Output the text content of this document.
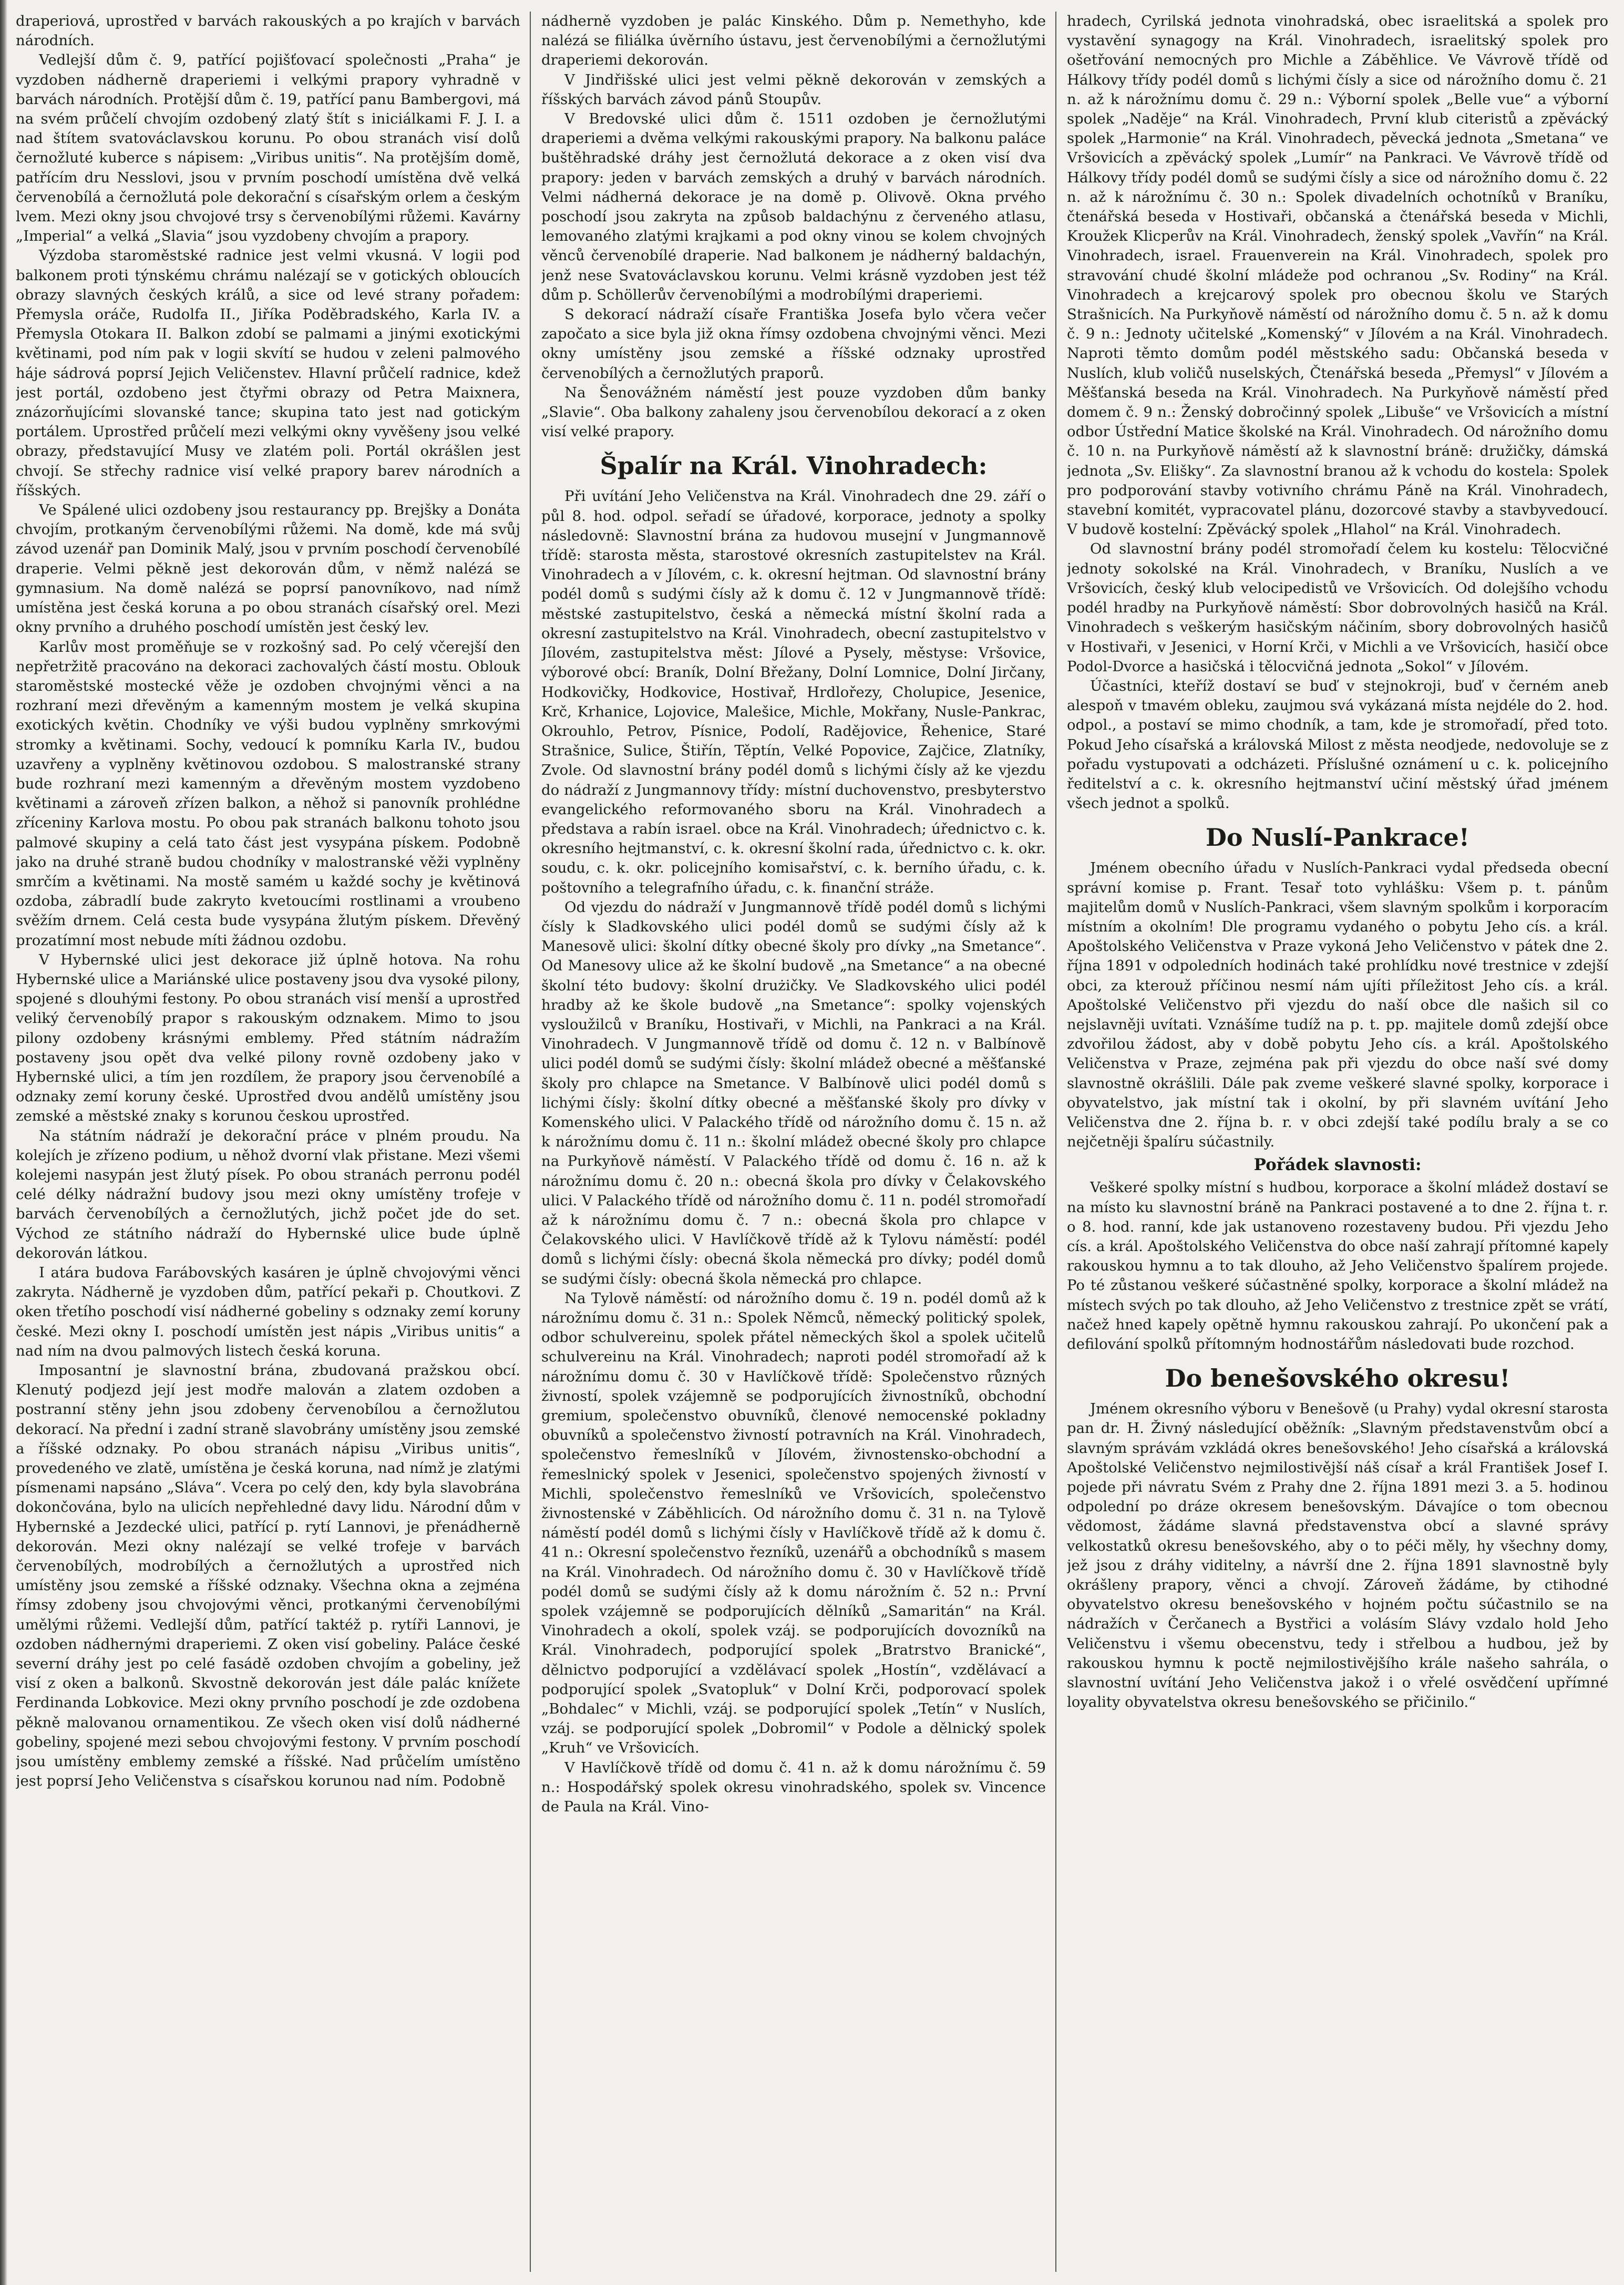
draperiová, uprostřed v barvách rakouských a po krajích v barvách národních.

Vedlejší dům č. 9, patřící pojišťovací společnosti „Praha“ je vyzdoben nádherně draperiemi i velkými prapory vyhradně v barvách národních. Protější dům č. 19, patřící panu Bambergovi, má na svém průčelí chvojím ozdobený zlatý štít s iniciálkami F. J. I. a nad štítem svatováclavskou korunu. Po obou stranách visí dolů černožluté kuberce s nápisem: „Viribus unitis“. Na protějším domě, patřícím dru Nesslovi, jsou v prvním poschodí umístěna dvě velká červenobílá a černožlutá pole dekorační s císařským orlem a českým lvem. Mezi okny jsou chvojové trsy s červenobílými růžemi. Kavárny „Imperial“ a velká „Slavia“ jsou vyzdobeny chvojím a prapory.

Výzdoba staroměstské radnice jest velmi vkusná. V logii pod balkonem proti týnskému chrámu nalézají se v gotických obloucích obrazy slavných českých králů, a sice od levé strany pořadem: Přemysla oráče, Rudolfa II., Jiříka Poděbradského, Karla IV. a Přemysla Otokara II. Balkon zdobí se palmami a jinými exotickými květinami, pod ním pak v logii skvítí se hudou v zeleni palmového háje sádrová poprsí Jejich Veličenstev. Hlavní průčelí radnice, kdež jest portál, ozdobeno jest čtyřmi obrazy od Petra Maixnera, znázorňujícími slovanské tance; skupina tato jest nad gotickým portálem. Uprostřed průčelí mezi velkými okny vyvěšeny jsou velké obrazy, představující Musy ve zlatém poli. Portál okrášlen jest chvojí. Se střechy radnice visí velké prapory barev národních a říšských.

Ve Spálené ulici ozdobeny jsou restaurancy pp. Brejšky a Donáta chvojím, protkaným červenobílými růžemi. Na domě, kde má svůj závod uzenář pan Dominik Malý, jsou v prvním poschodí červenobílé draperie. Velmi pěkně jest dekorován dům, v němž nalézá se gymnasium. Na domě nalézá se poprsí panovníkovo, nad nímž umístěna jest česká koruna a po obou stranách císařský orel. Mezi okny prvního a druhého poschodí umístěn jest český lev.

Karlův most proměňuje se v rozkošný sad. Po celý včerejší den nepřetržitě pracováno na dekoraci zachovalých částí mostu. Oblouk staroměstské mostecké věže je ozdoben chvojnými věnci a na rozhraní mezi dřevěným a kamenným mostem je velká skupina exotických květin. Chodníky ve výši budou vyplněny smrkovými stromky a květinami. Sochy, vedoucí k pomníku Karla IV., budou uzavřeny a vyplněny květinovou ozdobou. S malostranské strany bude rozhraní mezi kamenným a dřevěným mostem vyzdobeno květinami a zároveň zřízen balkon, a něhož si panovník prohlédne zříceniny Karlova mostu. Po obou pak stranách balkonu tohoto jsou palmové skupiny a celá tato část jest vysypána pískem. Podobně jako na druhé straně budou chodníky v malostranské věži vyplněny smrčím a květinami. Na mostě samém u každé sochy je květinová ozdoba, zábradlí bude zakryto kvetoucími rostlinami a vroubeno svěžím drnem. Celá cesta bude vysypána žlutým pískem. Dřevěný prozatímní most nebude míti žádnou ozdobu.

V Hybernské ulici jest dekorace již úplně hotova. Na rohu Hybernské ulice a Mariánské ulice postaveny jsou dva vysoké pilony, spojené s dlouhými festony. Po obou stranách visí menší a uprostřed veliký červenobílý prapor s rakouským odznakem. Mimo to jsou pilony ozdobeny krásnými emblemy. Před státním nádražím postaveny jsou opět dva velké pilony rovně ozdobeny jako v Hybernské ulici, a tím jen rozdílem, že prapory jsou červenobílé a odznaky zemí koruny české. Uprostřed dvou andělů umístěny jsou zemské a městské znaky s korunou českou uprostřed.

Na státním nádraží je dekorační práce v plném proudu. Na kolejích je zřízeno podium, u něhož dvorní vlak přistane. Mezi všemi kolejemi nasypán jest žlutý písek. Po obou stranách perronu podél celé délky nádražní budovy jsou mezi okny umístěny trofeje v barvách červenobílých a černožlutých, jichž počet jde do set. Východ ze státního nádraží do Hybernské ulice bude úplně dekorován látkou.

I atára budova Farábovských kasáren je úplně chvojovými věnci zakryta. Nádherně je vyzdoben dům, patřící pekaři p. Choutkovi. Z oken třetího poschodí visí nádherné gobeliny s odznaky zemí koruny české. Mezi okny I. poschodí umístěn jest nápis „Viribus unitis“ a nad ním na dvou palmových listech česká koruna.

Imposantní je slavnostní brána, zbudovaná pražskou obcí. Klenutý podjezd její jest modře malován a zlatem ozdoben a postranní stěny jehn jsou zdobeny červenobílou a černožlutou dekorací. Na přední i zadní straně slavobrány umístěny jsou zemské a říšské odznaky. Po obou stranách nápisu „Viribus unitis“, provedeného ve zlatě, umístěna je česká koruna, nad nímž je zlatými písmenami napsáno „Sláva“. Vcera po celý den, kdy byla slavobrána dokončována, bylo na ulicích nepřehledné davy lidu. Národní dům v Hybernské a Jezdecké ulici, patřící p. rytí Lannovi, je přenádherně dekorován. Mezi okny nalézají se velké trofeje v barvách červenobílých, modrobílých a černožlutých a uprostřed nich umístěny jsou zemské a říšské odznaky. Všechna okna a zejména římsy zdobeny jsou chvojovými věnci, protkanými červenobílými umělými růžemi. Vedlejší dům, patřící taktéž p. rytíři Lannovi, je ozdoben nádhernými draperiemi. Z oken visí gobeliny. Paláce české severní dráhy jest po celé fasádě ozdoben chvojím a gobeliny, jež visí z oken a balkonů. Skvostně dekorován jest dále palác knížete Ferdinanda Lobkovice. Mezi okny prvního poschodí je zde ozdobena pěkně malovanou ornamentikou. Ze všech oken visí dolů nádherné gobeliny, spojené mezi sebou chvojovými festony. V prvním poschodí jsou umístěny emblemy zemské a říšské. Nad průčelím umístěno jest poprsí Jeho Veličenstva s císařskou korunou nad ním. Podobně

nádherně vyzdoben je palác Kinského. Dům p. Nemethyho, kde nalézá se filiálka úvěrního ústavu, jest červenobílými a černožlutými draperiemi dekorován.

V Jindřišské ulici jest velmi pěkně dekorován v zemských a říšských barvách závod pánů Stoupův.

V Bredovské ulici dům č. 1511 ozdoben je černožlutými draperiemi a dvěma velkými rakouskými prapory. Na balkonu paláce buštěhradské dráhy jest černožlutá dekorace a z oken visí dva prapory: jeden v barvách zemských a druhý v barvách národních. Velmi nádherná dekorace je na domě p. Olivově. Okna prvého poschodí jsou zakryta na způsob baldachýnu z červeného atlasu, lemovaného zlatými krajkami a pod okny vinou se kolem chvojných věnců červenobílé draperie. Nad balkonem je nádherný baldachýn, jenž nese Svatováclavskou korunu. Velmi krásně vyzdoben jest též dům p. Schöllerův červenobílými a modrobílými draperiemi.

S dekorací nádraží císaře Františka Josefa bylo včera večer započato a sice byla již okna římsy ozdobena chvojnými věnci. Mezi okny umístěny jsou zemské a říšské odznaky uprostřed červenobílých a černožlutých praporů.

Na Šenovážném náměstí jest pouze vyzdoben dům banky „Slavie“. Oba balkony zahaleny jsou červenobílou dekorací a z oken visí velké prapory.

Špalír na Král. Vinohradech:

Při uvítání Jeho Veličenstva na Král. Vinohradech dne 29. září o půl 8. hod. odpol. seřadí se úřadové, korporace, jednoty a spolky následovně: Slavnostní brána za hudovou musejní v Jungmannově třídě: starosta města, starostové okresních zastupitelstev na Král. Vinohradech a v Jílovém, c. k. okresní hejtman. Od slavnostní brány podél domů s sudými čísly až k domu č. 12 v Jungmannově třídě: městské zastupitelstvo, česká a německá místní školní rada a okresní zastupitelstvo na Král. Vinohradech, obecní zastupitelstvo v Jílovém, zastupitelstva měst: Jílové a Pysely, městyse: Vršovice, výborové obcí: Braník, Dolní Břežany, Dolní Lomnice, Dolní Jirčany, Hodkovičky, Hodkovice, Hostivař, Hrdlořezy, Cholupice, Jesenice, Krč, Krhanice, Lojovice, Malešice, Michle, Mokřany, Nusle-Pankrac, Okrouhlo, Petrov, Písnice, Podolí, Radějovice, Řehenice, Staré Strašnice, Sulice, Štiřín, Těptín, Velké Popovice, Zajčice, Zlatníky, Zvole. Od slavnostní brány podél domů s lichými čísly až ke vjezdu do nádraží z Jungmannovy třídy: místní duchovenstvo, presbyterstvo evangelického reformovaného sboru na Král. Vinohradech a představa a rabín israel. obce na Král. Vinohradech; úřednictvo c. k. okresního hejtmanství, c. k. okresní školní rada, úřednictvo c. k. okr. soudu, c. k. okr. policejního komisařství, c. k. berního úřadu, c. k. poštovního a telegrafního úřadu, c. k. finanční stráže.

Od vjezdu do nádraží v Jungmannově třídě podél domů s lichými čísly k Sladkovského ulici podél domů se sudými čísly až k Manesově ulici: školní dítky obecné školy pro dívky „na Smetance“. Od Manesovy ulice až ke školní budově „na Smetance“ a na obecné školní této budovy: školní drużičky. Ve Sladkovského ulici podél hradby až ke škole budově „na Smetance“: spolky vojenských vysloužilců v Braníku, Hostivaři, v Michli, na Pankraci a na Král. Vinohradech. V Jungmannově třídě od domu č. 12 n. v Balbínově ulici podél domů se sudými čísly: školní mládež obecné a měšťanské školy pro chlapce na Smetance. V Balbínově ulici podél domů s lichými čísly: školní dítky obecné a měšťanské školy pro dívky v Komenského ulici. V Palackého třídě od nárožního domu č. 15 n. až k nárožnímu domu č. 11 n.: školní mládež obecné školy pro chlapce na Purkyňově náměstí. V Palackého třídě od domu č. 16 n. až k nárožnímu domu č. 20 n.: obecná škola pro dívky v Čelakovského ulici. V Palackého třídě od nárožního domu č. 11 n. podél stromořadí až k nárožnímu domu č. 7 n.: obecná škola pro chlapce v Čelakovského ulici. V Havlíčkově třídě až k Tylovu náměstí: podél domů s lichými čísly: obecná škola německá pro dívky; podél domů se sudými čísly: obecná škola německá pro chlapce.

Na Tylově náměstí: od nárožního domu č. 19 n. podél domů až k nárožnímu domu č. 31 n.: Spolek Němců, německý politický spolek, odbor schulvereinu, spolek přátel německých škol a spolek učitelů schulvereinu na Král. Vinohradech; naproti podél stromořadí až k nárožnímu domu č. 30 v Havlíčkově třídě: Společenstvo různých živností, spolek vzájemně se podporujících živnostníků, obchodní gremium, společenstvo obuvníků, členové nemocenské pokladny obuvníků a společenstvo živností potravních na Král. Vinohradech, společenstvo řemeslníků v Jílovém, živnostensko-obchodní a řemeslnický spolek v Jesenici, společenstvo spojených živností v Michli, společenstvo řemeslníků ve Vršovicích, společenstvo živnostenské v Záběhlicích. Od nárožního domu č. 31 n. na Tylově náměstí podél domů s lichými čísly v Havlíčkově třídě až k domu č. 41 n.: Okresní společenstvo řezníků, uzenářů a obchodníků s masem na Král. Vinohradech. Od nárožního domu č. 30 v Havlíčkově třídě podél domů se sudými čísly až k domu nárožním č. 52 n.: První spolek vzájemně se podporujících dělníků „Samaritán“ na Král. Vinohradech a okolí, spolek vzáj. se podporujících dovozníků na Král. Vinohradech, podporující spolek „Bratrstvo Branické“, dělnictvo podporující a vzdělávací spolek „Hostín“, vzdělávací a podporující spolek „Svatopluk“ v Dolní Krči, podporovací spolek „Bohdalec“ v Michli, vzáj. se podporující spolek „Tetín“ v Nuslích, vzáj. se podporující spolek „Dobromil“ v Podole a dělnický spolek „Kruh“ ve Vršovicích.

V Havlíčkově třídě od domu č. 41 n. až k domu nárožnímu č. 59 n.: Hospodářský spolek okresu vinohradského, spolek sv. Vincence de Paula na Král. Vino-

hradech, Cyrilská jednota vinohradská, obec israelitská a spolek pro vystavění synagogy na Král. Vinohradech, israelitský spolek pro ošetřování nemocných pro Michle a Záběhlice. Ve Vávrově třídě od Hálkovy třídy podél domů s lichými čísly a sice od nárožního domu č. 21 n. až k nárožnímu domu č. 29 n.: Výborní spolek „Belle vue“ a výborní spolek „Naděje“ na Král. Vinohradech, První klub citeristů a zpěvácký spolek „Harmonie“ na Král. Vinohradech, pěvecká jednota „Smetana“ ve Vršovicích a zpěvácký spolek „Lumír“ na Pankraci. Ve Vávrově třídě od Hálkovy třídy podél domů se sudými čísly a sice od nárožního domu č. 22 n. až k nárožnímu č. 30 n.: Spolek divadelních ochotníků v Braníku, čtenářská beseda v Hostivaři, občanská a čtenářská beseda v Michli, Kroužek Klicperův na Král. Vinohradech, ženský spolek „Vavřín“ na Král. Vinohradech, israel. Frauenverein na Král. Vinohradech, spolek pro stravování chudé školní mládeže pod ochranou „Sv. Rodiny“ na Král. Vinohradech a krejcarový spolek pro obecnou školu ve Starých Strašnicích. Na Purkyňově náměstí od nárožního domu č. 5 n. až k domu č. 9 n.: Jednoty učitelské „Komenský“ v Jílovém a na Král. Vinohradech. Naproti těmto domům podél městského sadu: Občanská beseda v Nuslích, klub voličů nuselských, Čtenářská beseda „Přemysl“ v Jílovém a Měšťanská beseda na Král. Vinohradech. Na Purkyňově náměstí před domem č. 9 n.: Ženský dobročinný spolek „Libuše“ ve Vršovicích a místní odbor Ústřední Matice školské na Král. Vinohradech. Od nárožního domu č. 10 n. na Purkyňově náměstí až k slavnostní bráně: družičky, dámská jednota „Sv. Elišky“. Za slavnostní branou až k vchodu do kostela: Spolek pro podporování stavby votivního chrámu Páně na Král. Vinohradech, stavební komitét, vypracovatel plánu, dozorcové stavby a stavbyvedoucí. V budově kostelní: Zpěvácký spolek „Hlahol“ na Král. Vinohradech.

Od slavnostní brány podél stromořadí čelem ku kostelu: Tělocvičné jednoty sokolské na Král. Vinohradech, v Braníku, Nuslích a ve Vršovicích, český klub velocipedistů ve Vršovicích. Od dolejšího vchodu podél hradby na Purkyňově náměstí: Sbor dobrovolných hasičů na Král. Vinohradech s veškerým hasičským náčiním, sbory dobrovolných hasičů v Hostivaři, v Jesenici, v Horní Krči, v Michli a ve Vršovicích, hasičí obce Podol-Dvorce a hasičská i tělocvičná jednota „Sokol“ v Jílovém.

Účastníci, kteříž dostaví se buď v stejnokroji, buď v černém aneb alespoň v tmavém obleku, zaujmou svá vykázaná místa nejdéle do 2. hod. odpol., a postaví se mimo chodník, a tam, kde je stromořadí, před toto. Pokud Jeho císařská a královská Milost z města neodjede, nedovoluje se z pořadu vystupovati a odcházeti. Příslušné oznámení u c. k. policejního ředitelství a c. k. okresního hejtmanství učiní městský úřad jménem všech jednot a spolků.

Do Nuslí-Pankrace!

Jménem obecního úřadu v Nuslích-Pankraci vydal předseda obecní správní komise p. Frant. Tesař toto vyhlášku: Všem p. t. pánům majitelům domů v Nuslích-Pankraci, všem slavným spolkům i korporacím místním a okolním! Dle programu vydaného o pobytu Jeho cís. a král. Apoštolského Veličenstva v Praze vykoná Jeho Veličenstvo v pátek dne 2. října 1891 v odpoledních hodinách také prohlídku nové trestnice v zdejší obci, za kterouž příčinou nesmí nám ujíti příležitost Jeho cís. a král. Apoštolské Veličenstvo při vjezdu do naší obce dle našich sil co nejslavněji uvítati. Vznášíme tudíž na p. t. pp. majitele domů zdejší obce zdvořilou žádost, aby v době pobytu Jeho cís. a král. Apoštolského Veličenstva v Praze, zejména pak při vjezdu do obce naší své domy slavnostně okrášlili. Dále pak zveme veškeré slavné spolky, korporace i obyvatelstvo, jak místní tak i okolní, by při slavném uvítání Jeho Veličenstva dne 2. října b. r. v obci zdejší také podílu braly a se co nejčetněji špalíru súčastnily.

Pořádek slavnosti:

Veškeré spolky místní s hudbou, korporace a školní mládež dostaví se na místo ku slavnostní bráně na Pankraci postavené a to dne 2. října t. r. o 8. hod. ranní, kde jak ustanoveno rozestaveny budou. Při vjezdu Jeho cís. a král. Apoštolského Veličenstva do obce naší zahrají přítomné kapely rakouskou hymnu a to tak dlouho, až Jeho Veličenstvo špalírem projede. Po té zůstanou veškeré súčastněné spolky, korporace a školní mládež na místech svých po tak dlouho, až Jeho Veličenstvo z trestnice zpět se vrátí, načež hned kapely opětně hymnu rakouskou zahrají. Po ukončení pak a defilování spolků přítomným hodnostářům následovati bude rozchod.

Do benešovského okresu!

Jménem okresního výboru v Benešově (u Prahy) vydal okresní starosta pan dr. H. Živný následující oběžník: „Slavným představenstvům obcí a slavným správám vzkládá okres benešovského! Jeho císařská a královská Apoštolské Veličenstvo nejmilostivější náš císař a král František Josef I. pojede při návratu Svém z Prahy dne 2. října 1891 mezi 3. a 5. hodinou odpolední po dráze okresem benešovským. Dávajíce o tom obecnou vědomost, žádáme slavná představenstva obcí a slavné správy velkostatků okresu benešovského, aby o to péči měly, hy všechny domy, jež jsou z dráhy viditelny, a návrší dne 2. října 1891 slavnostně byly okrášleny prapory, věnci a chvojí. Zároveň žádáme, by ctihodné obyvatelstvo okresu benešovského v hojném počtu súčastnilo se na nádražích v Čerčanech a Bystřici a volásím Slávy vzdalo hold Jeho Veličenstvu i všemu obecenstvu, tedy i střelbou a hudbou, jež by rakouskou hymnu k poctě nejmilostivějšího krále našeho sahrála, o slavnostní uvítání Jeho Veličenstva jakož i o vřelé osvědčení upřímné loyality obyvatelstva okresu benešovského se přičinilo.“
